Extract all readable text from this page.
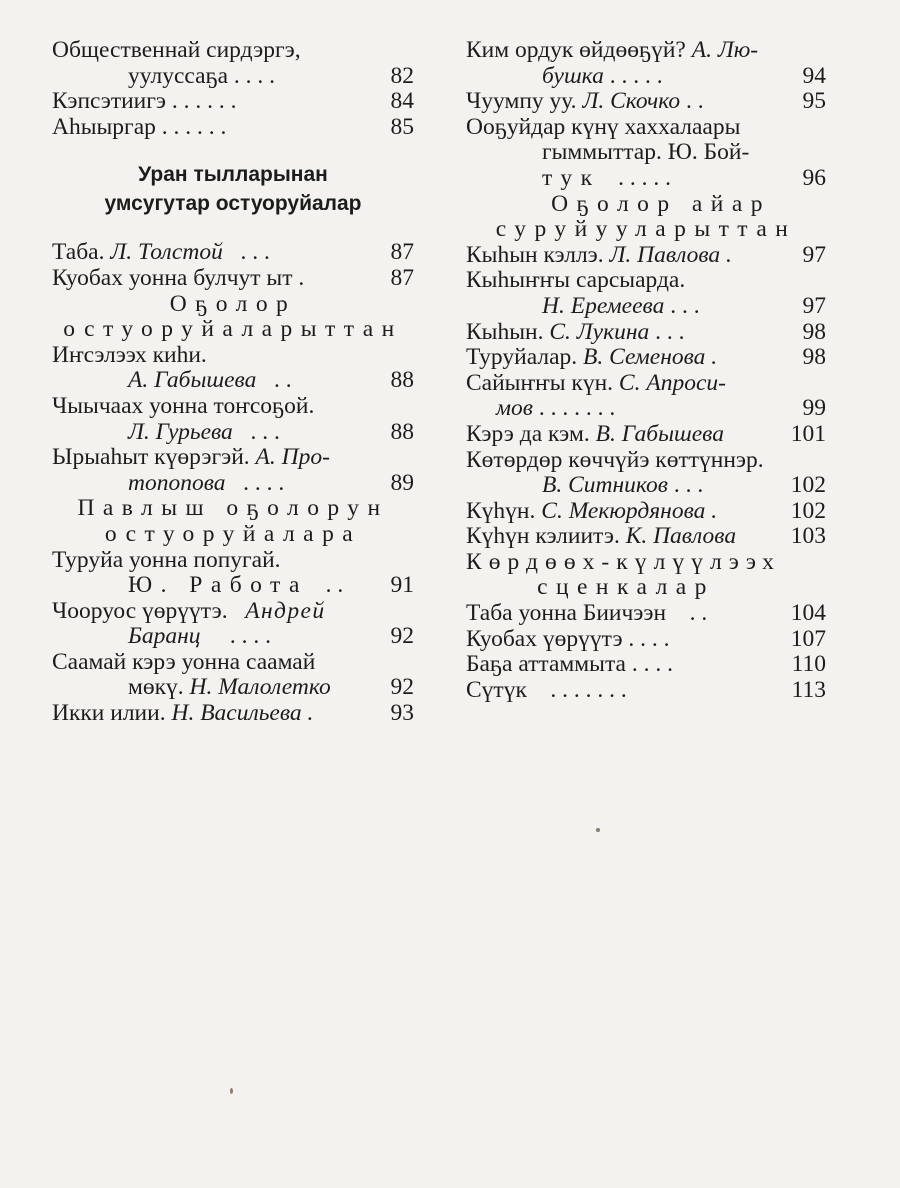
Общественнай сирдэргэ,
уулуссаҕа . . . .	82
Кэпсэтиигэ . . . . . .	84
Аһыыргар . . . . . .	85
Уран тылларынан
умсугутар остуоруйалар
Таба. Л. Толстой . . .	87
Куобах уонна булчут ыт .	87
Оҕолор
остуоруйаларыттан
Иҥсэлээх киһи.
А. Габышева . .	88
Чыычаах уонна тоҥсоҕой.
Л. Гурьева . . .	88
Ырыаһыт күөрэгэй. А. Про-
топопова . . . .	89
Павлыш оҕолорун
остуоруйалара
Туруйа уонна попугай.
Ю. Работа . . 91
Чооруос үөрүүтэ. Андрей
Баранц . . . .	92
Саамай кэрэ уонна саамай
мөкү. Н. Малолетко	92
Икки илии. Н. Васильева .	93
Ким ордук өйдөөҕүй? А. Лю-
бушка . . . . .	94
Чуумпу уу. Л. Скочко . .	95
Ооҕуйдар күнү хаххалаары
гыммыттар. Ю. Бой-
тук . . . . .	96
Оҕолор айар
суруйууларыттан
Кыһын кэллэ. Л. Павлова .	97
Кыһыҥҥы сарсыарда.
Н. Еремеева . . .	97
Кыһын. С. Лукина . . .	98
Туруйалар. В. Семенова .	98
Сайыҥҥы күн. С. Апроси-
мов . . . . . . .	99
Кэрэ да кэм. В. Габышева	101
Көтөрдөр көччүйэ көттүннэр.
В. Ситников . . .	102
Күһүн. С. Мекюрдянова .	102
Күһүн кэлиитэ. К. Павлова 103
Көрдөөх-күлүүлээх
сценкалар
Таба уонна Биичээн . .	104
Куобах үөрүүтэ . . . .	107
Баҕа аттаммыта . . . .	110
Сүтүк . . . . . . .	113
